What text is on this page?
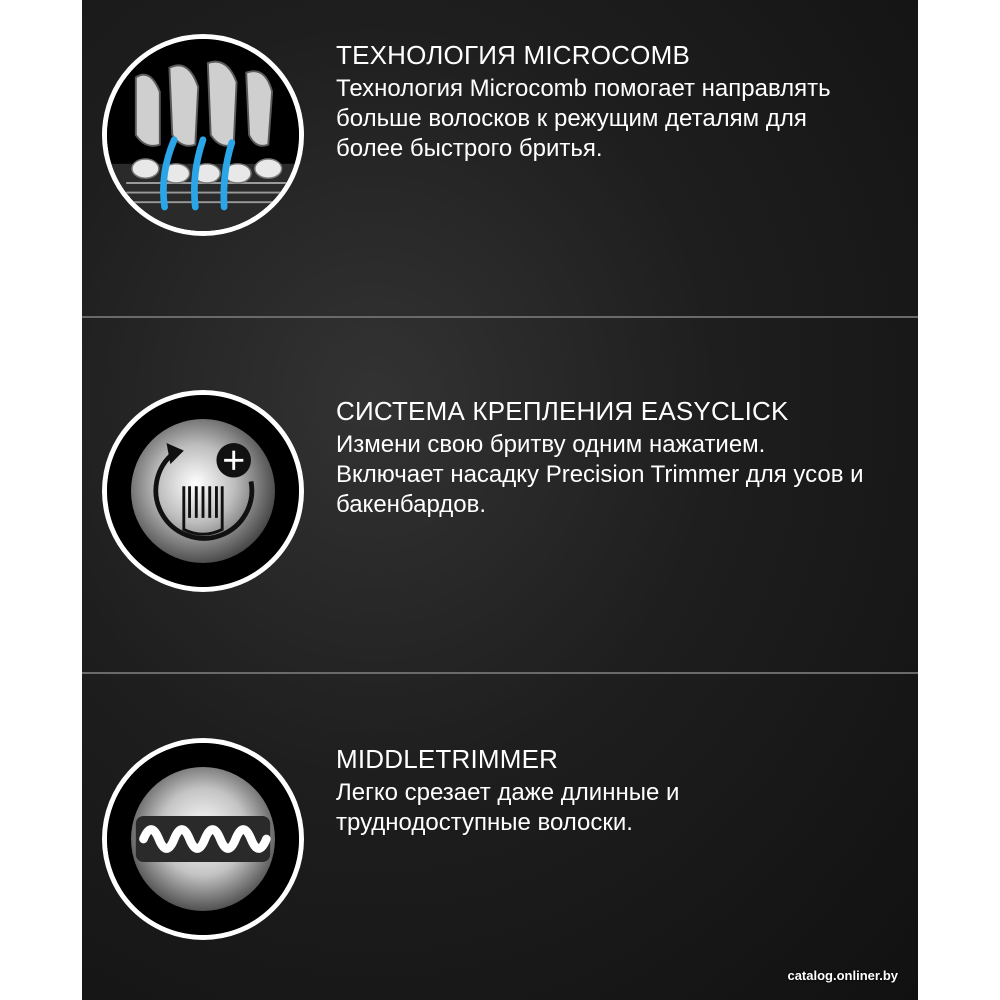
ТЕХНОЛОГИЯ MICROCOMB
Технология Microcomb помогает направлять
больше волосков к режущим деталям для
более быстрого бритья.
СИСТЕМА КРЕПЛЕНИЯ EASYCLICK
Измени свою бритву одним нажатием.
Включает насадку Precision Trimmer для усов и
бакенбардов.
MIDDLETRIMMER
Легко срезает даже длинные и
труднодоступные волоски.
catalog.onliner.by
